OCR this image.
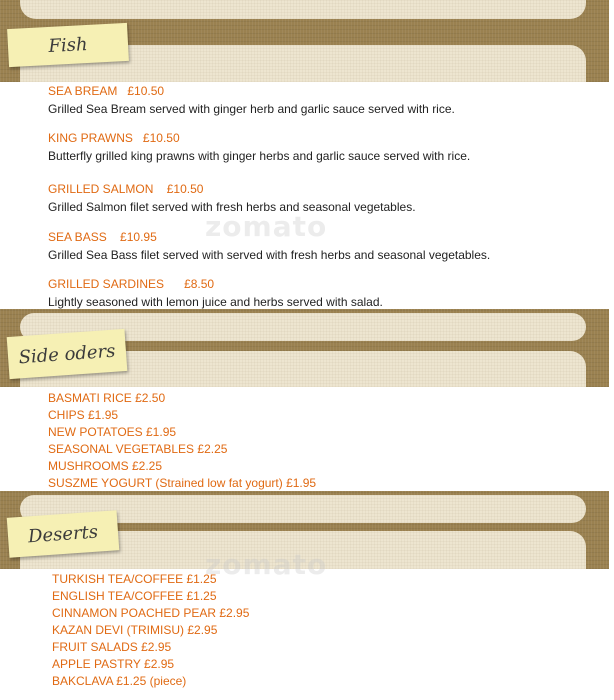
Fish
SEA BREAM £10.50
Grilled Sea Bream served with ginger herb and garlic sauce served with rice.
KING PRAWNS £10.50
Butterfly grilled king prawns with ginger herbs and garlic sauce served with rice.
GRILLED SALMON £10.50
Grilled Salmon filet served with fresh herbs and seasonal vegetables.
SEA BASS £10.95
Grilled Sea Bass filet served with served with fresh herbs and seasonal vegetables.
GRILLED SARDINES £8.50
Lightly seasoned with lemon juice and herbs served with salad.
zomato
Side oders
BASMATI RICE £2.50
CHIPS £1.95
NEW POTATOES £1.95
SEASONAL VEGETABLES £2.25
MUSHROOMS £2.25
SUSZME YOGURT (Strained low fat yogurt) £1.95
Deserts
zomato
TURKISH TEA/COFFEE £1.25
ENGLISH TEA/COFFEE £1.25
CINNAMON POACHED PEAR £2.95
KAZAN DEVI (TRIMISU) £2.95
FRUIT SALADS £2.95
APPLE PASTRY £2.95
BAKCLAVA £1.25 (piece)
